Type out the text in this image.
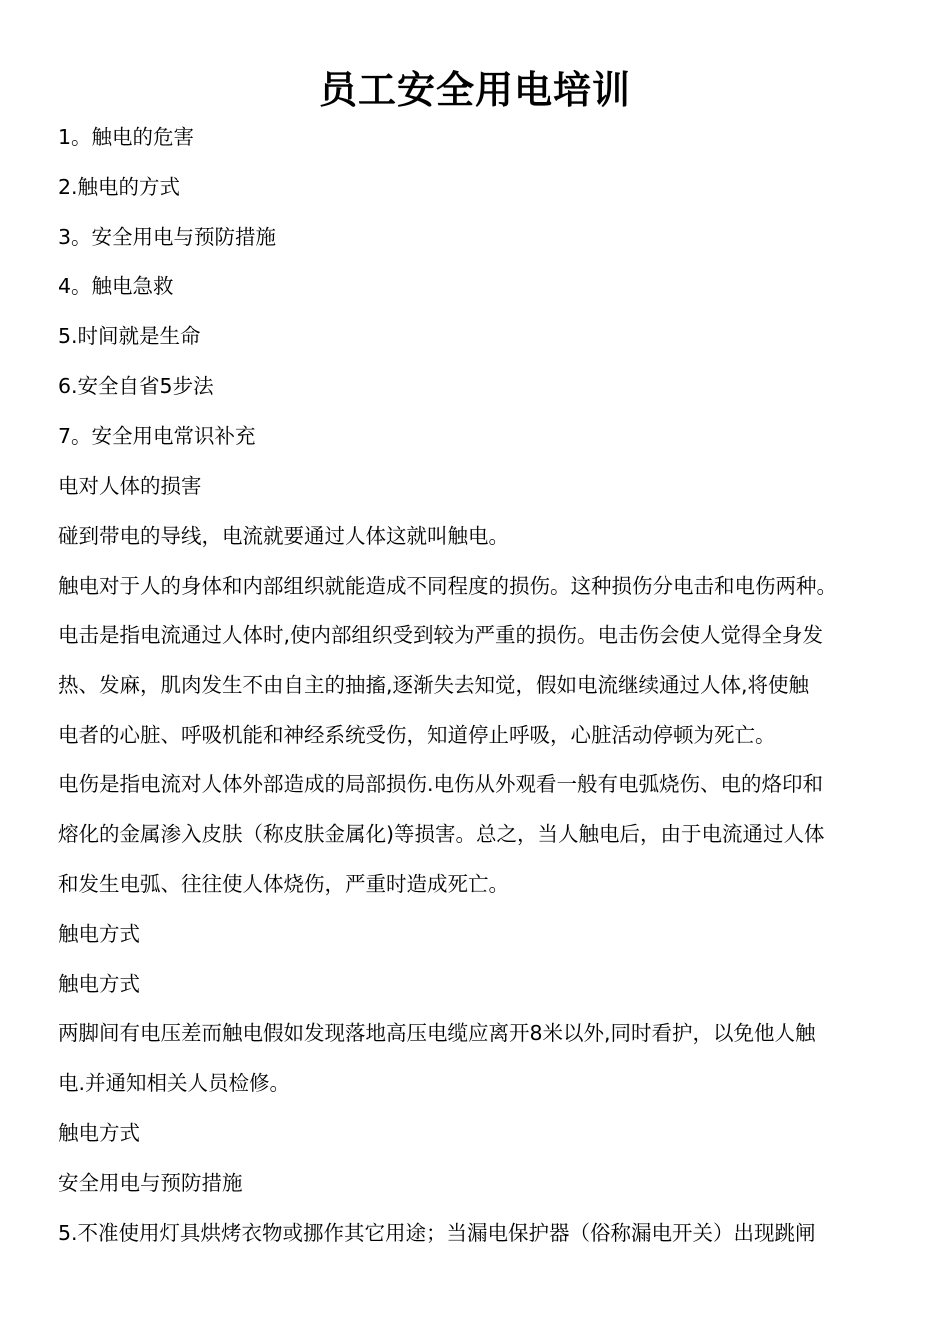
员工安全用电培训
1。触电的危害
2.触电的方式
3。安全用电与预防措施
4。触电急救
5.时间就是生命
6.安全自省5步法
7。安全用电常识补充
电对人体的损害
碰到带电的导线，电流就要通过人体这就叫触电。
触电对于人的身体和内部组织就能造成不同程度的损伤。这种损伤分电击和电伤两种。
电击是指电流通过人体时,使内部组织受到较为严重的损伤。电击伤会使人觉得全身发
热、发麻，肌肉发生不由自主的抽搐,逐渐失去知觉，假如电流继续通过人体,将使触
电者的心脏、呼吸机能和神经系统受伤，知道停止呼吸，心脏活动停顿为死亡。
电伤是指电流对人体外部造成的局部损伤.电伤从外观看一般有电弧烧伤、电的烙印和
熔化的金属渗入皮肤（称皮肤金属化)等损害。总之，当人触电后，由于电流通过人体
和发生电弧、往往使人体烧伤，严重时造成死亡。
触电方式
触电方式
两脚间有电压差而触电假如发现落地高压电缆应离开8米以外,同时看护，以免他人触
电.并通知相关人员检修。
触电方式
安全用电与预防措施
5.不准使用灯具烘烤衣物或挪作其它用途；当漏电保护器（俗称漏电开关）出现跳闸
